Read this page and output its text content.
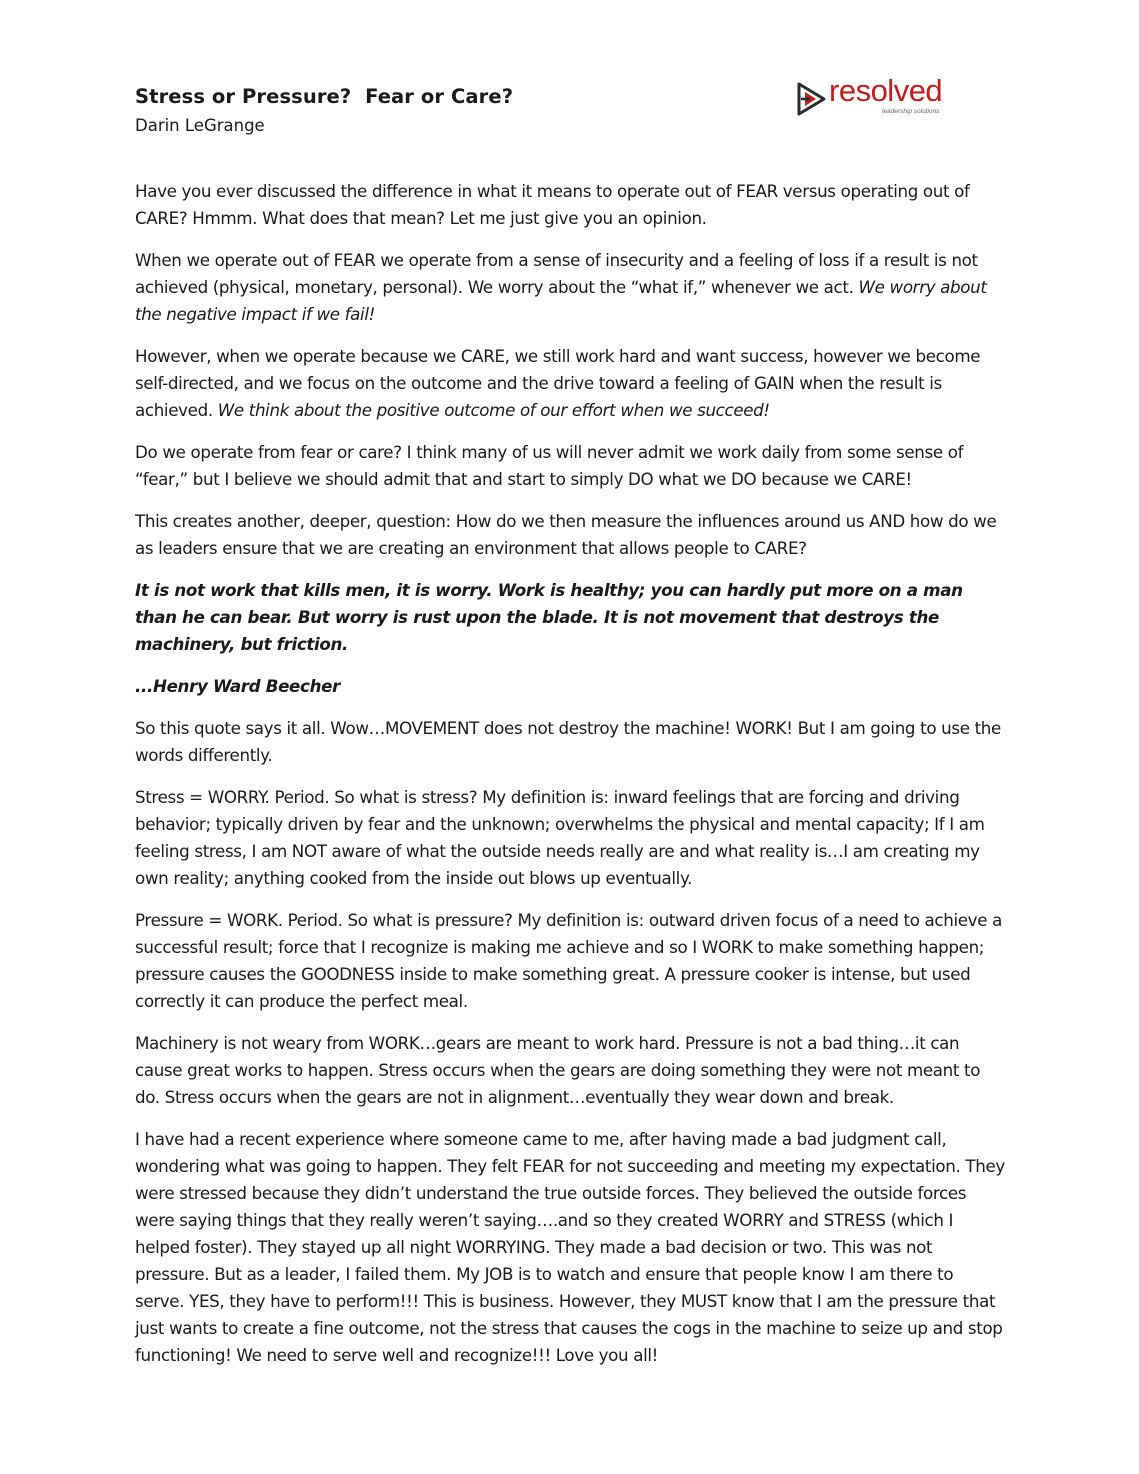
Stress or Pressure?  Fear or Care?
Darin LeGrange
resolved
leadership solutions

Have you ever discussed the difference in what it means to operate out of FEAR versus operating out of CARE? Hmmm. What does that mean? Let me just give you an opinion.

When we operate out of FEAR we operate from a sense of insecurity and a feeling of loss if a result is not achieved (physical, monetary, personal). We worry about the “what if,” whenever we act. We worry about the negative impact if we fail!

However, when we operate because we CARE, we still work hard and want success, however we become self-directed, and we focus on the outcome and the drive toward a feeling of GAIN when the result is achieved. We think about the positive outcome of our effort when we succeed!

Do we operate from fear or care? I think many of us will never admit we work daily from some sense of “fear,” but I believe we should admit that and start to simply DO what we DO because we CARE!

This creates another, deeper, question: How do we then measure the influences around us AND how do we as leaders ensure that we are creating an environment that allows people to CARE?

It is not work that kills men, it is worry. Work is healthy; you can hardly put more on a man than he can bear. But worry is rust upon the blade. It is not movement that destroys the machinery, but friction.

...Henry Ward Beecher

So this quote says it all. Wow…MOVEMENT does not destroy the machine! WORK! But I am going to use the words differently.

Stress = WORRY. Period. So what is stress? My definition is: inward feelings that are forcing and driving behavior; typically driven by fear and the unknown; overwhelms the physical and mental capacity; If I am feeling stress, I am NOT aware of what the outside needs really are and what reality is…I am creating my own reality; anything cooked from the inside out blows up eventually.

Pressure = WORK. Period. So what is pressure? My definition is: outward driven focus of a need to achieve a successful result; force that I recognize is making me achieve and so I WORK to make something happen; pressure causes the GOODNESS inside to make something great. A pressure cooker is intense, but used correctly it can produce the perfect meal.

Machinery is not weary from WORK…gears are meant to work hard. Pressure is not a bad thing…it can cause great works to happen. Stress occurs when the gears are doing something they were not meant to do. Stress occurs when the gears are not in alignment…eventually they wear down and break.

I have had a recent experience where someone came to me, after having made a bad judgment call, wondering what was going to happen. They felt FEAR for not succeeding and meeting my expectation. They were stressed because they didn’t understand the true outside forces. They believed the outside forces were saying things that they really weren’t saying….and so they created WORRY and STRESS (which I helped foster). They stayed up all night WORRYING. They made a bad decision or two. This was not pressure. But as a leader, I failed them. My JOB is to watch and ensure that people know I am there to serve. YES, they have to perform!!! This is business. However, they MUST know that I am the pressure that just wants to create a fine outcome, not the stress that causes the cogs in the machine to seize up and stop functioning! We need to serve well and recognize!!! Love you all!
